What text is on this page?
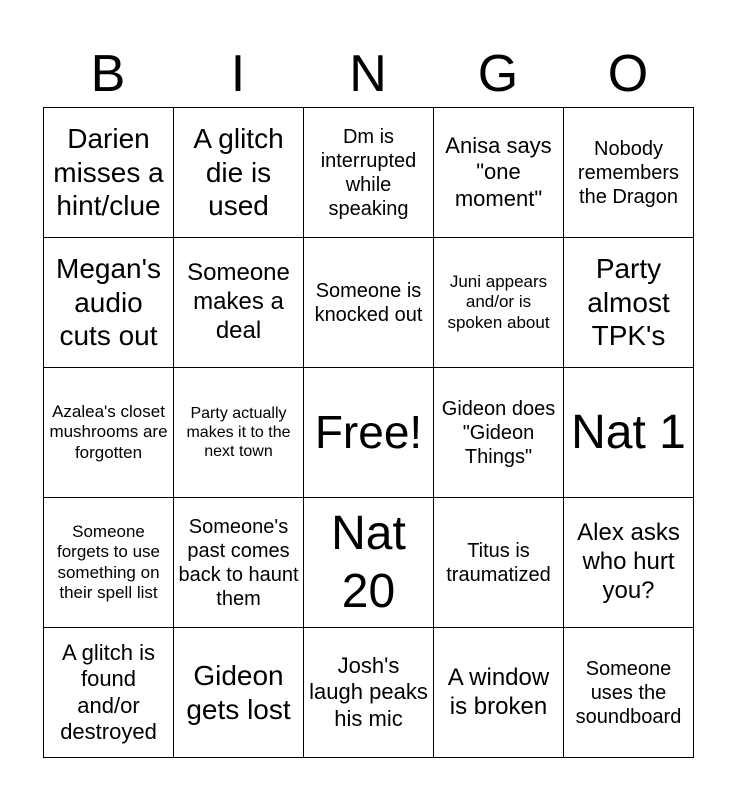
B	I	N	G	O
Darien misses a hint/clue	A glitch die is used	Dm is interrupted while speaking	Anisa says "one moment"	Nobody remembers the Dragon

Megan's audio cuts out	Someone makes a deal	Someone is knocked out	Juni appears and/or is spoken about	Party almost TPK's

Azalea's closet mushrooms are forgotten	Party actually makes it to the next town	Free!	Gideon does "Gideon Things"	Nat 1

Someone forgets to use something on their spell list	Someone's past comes back to haunt them	Nat 20	Titus is traumatized	Alex asks who hurt you?

A glitch is found and/or destroyed	Gideon gets lost	Josh's laugh peaks his mic	A window is broken	Someone uses the soundboard
